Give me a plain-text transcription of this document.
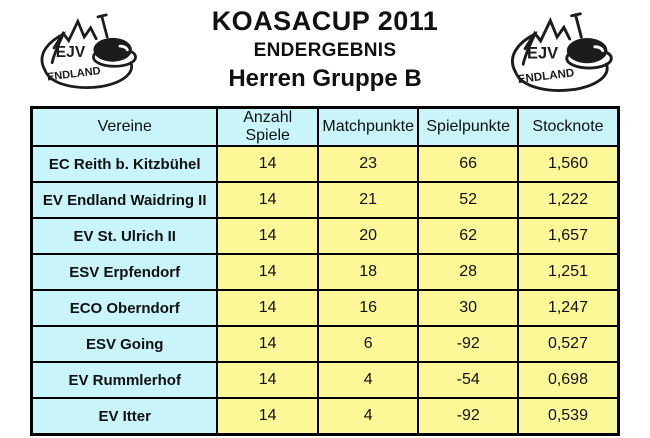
EJV
ENDLAND
EJV
ENDLAND
KOASACUP 2011
ENDERGEBNIS
Herren Gruppe B
Vereine	Anzahl Spiele	Matchpunkte	Spielpunkte	Stocknote
EC Reith b. Kitzbühel	14	23	66	1,560
EV Endland Waidring II	14	21	52	1,222
EV St. Ulrich II	14	20	62	1,657
ESV Erpfendorf	14	18	28	1,251
ECO Oberndorf	14	16	30	1,247
ESV Going	14	6	-92	0,527
EV Rummlerhof	14	4	-54	0,698
EV Itter	14	4	-92	0,539
